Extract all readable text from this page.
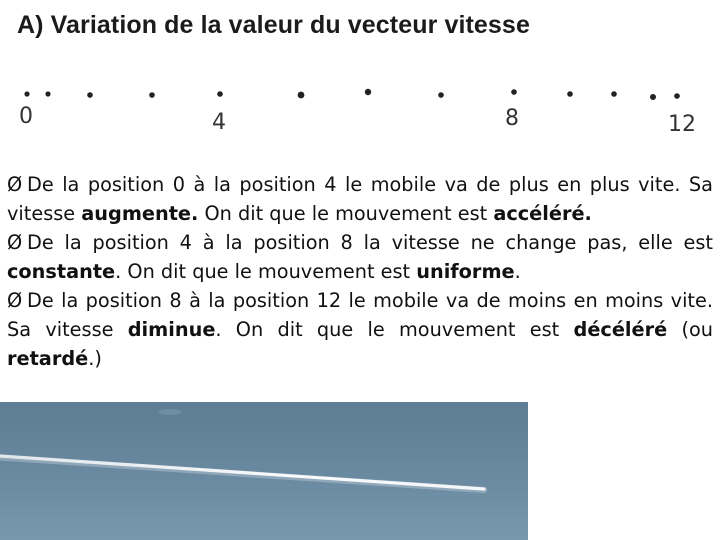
A) Variation de la valeur du vecteur vitesse
0	4	8	12

Ø De la position 0 à la position 4 le mobile va de plus en plus vite. Sa vitesse augmente. On dit que le mouvement est accéléré.

Ø De la position 4 à la position 8 la vitesse ne change pas, elle est constante. On dit que le mouvement est uniforme.

Ø De la position 8 à la position 12 le mobile va de moins en moins vite. Sa vitesse diminue. On dit que le mouvement est décéléré (ou retardé.)
